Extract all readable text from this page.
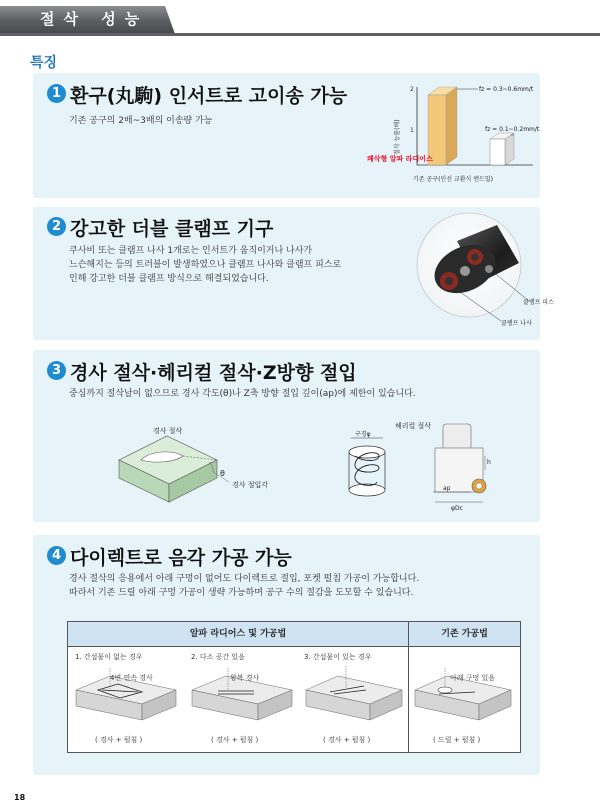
절삭 성능
특징
1 환구(丸駒) 인서트로 고이송 가능
기존 공구의 2배~3배의 이송량 가능
2
1
fz = 0.3~0.6mm/t
fz = 0.1~0.2mm/t
절삭 능률(배)
쾌삭형 알파 라디어스
기존 공구(인선 교환식 엔드밀)
2 강고한 더블 클램프 기구
쿠사비 또는 클램프 나사 1개로는 인서트가 움직이거나 나사가
느슨해지는 등의 트러블이 발생하였으나 클램프 나사와 클램프 피스로
인해 강고한 더블 클램프 방식으로 해결되었습니다.
클램프 피스
클램프 나사
3 경사 절삭·헤리컬 절삭·Z방향 절입
중심까지 절삭날이 없으므로 경사 각도(θ)나 Z축 방향 절입 깊이(ap)에 제한이 있습니다.
경사 절삭
θ
경사 절입각
헤리컬 절삭
구경φ
h
ap
φDc
4 다이렉트로 음각 가공 가능
경사 절삭의 응용에서 아래 구멍이 없어도 다이렉트로 절입, 포켓 펄침 가공이 가능합니다.
따라서 기존 드릴 아래 구멍 가공이 생략 가능하며 공구 수의 절감을 도모할 수 있습니다.
알파 라디어스 및 가공법	기존 가공법
1. 간섭물이 없는 경우
4변 연속 경사
( 경사 + 펄침 )
2. 다소 공간 있음
왕복 경사
( 경사 + 펄침 )
3. 간섭물이 있는 경우
( 경사 + 펄침 )
아래 구멍 있음
( 드릴 + 펄침 )
18
